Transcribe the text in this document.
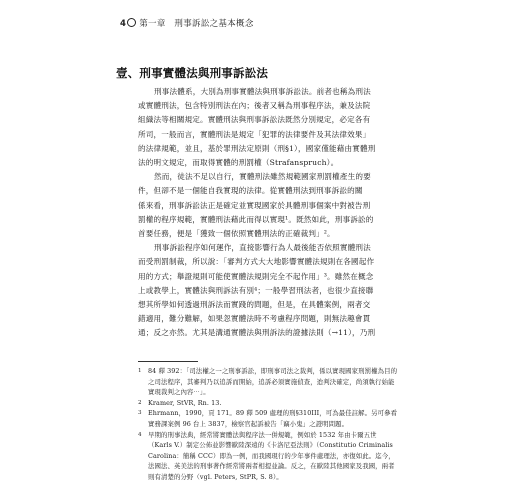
4 第一章　刑事訴訟之基本概念
壹、刑事實體法與刑事訴訟法
刑事法體系，大別為刑事實體法與刑事訴訟法。前者也稱為刑法
或實體刑法，包含特別刑法在內；後者又稱為刑事程序法，兼及法院
組織法等相關規定。實體刑法與刑事訴訟法既然分別規定，必定各有
所司，一般而言，實體刑法是規定「犯罪的法律要件及其法律效果」
的法律規範，並且，基於罪刑法定原則（刑§1），國家僅能藉由實體刑
法的明文規定，而取得實體的刑罰權（Strafanspruch）。
然而，徒法不足以自行，實體刑法雖然規範國家刑罰權產生的要
件，但卻不是一個能自我實現的法律。從實體刑法到刑事訴訟的關
係來看，刑事訴訟法正是確定並實現國家於具體刑事個案中對被告刑
罰權的程序規範，實體刑法藉此而得以實現¹。既然如此，刑事訴訟的
首要任務，便是「獲致一個依照實體刑法的正確裁判」²。
刑事訴訟程序如何運作，直接影響行為人最後能否依照實體刑法
而受刑罰制裁，所以說：「審判方式大大地影響實體法規則在各國起作
用的方式；舉證規則可能使實體法規則完全不起作用」³。雖然在概念
上或教學上，實體法與刑訴法有別⁴；一般學習刑法者，也很少直接聯
想其所學如何透過刑訴法而實踐的問題，但是，在具體案例，兩者交
錯適用，難分難解，如果忽實體法時不考慮程序問題，則無法趣會貫
通；反之亦然。尤其是溝通實體法與刑訴法的證據法則（→11），乃刑
1 84 釋 392：「司法權之一之刑事訴訟，即刑事司法之裁判，係以實現國家刑罰權為目的之司法程序，其審判乃以追訴而開始，追訴必須實施偵查，迨判決確定，尚須執行始能實現裁判之內容⋯」。
2 Kramer, StVR, Rn. 13.
3 Ehrmann，1990，頁 171。89 釋 509 處理的刑§310III，可為最佳註解。另可參看實務課案例 96 台上 3837，檢察官起訴被告「竊小鬼」之證明問題。
4 早期的刑事法典，經常將實體法與程序法一併規範，例如於 1532 年由卡爾五世（Karls V.）制定公佈並影響歐陸深遠的《卡洛尼亞法則》（Constitutio Criminalis Carolina：簡稱 CCC）即為一例，而我國現行的少年事件處理法，亦復如此。迄今，法國法、英美法的刑事著作經常將兩者相提並論。反之，在歐陸其他國家及我國，兩者則有清楚的分野（vgl. Peters, StPR, S. 8）。
